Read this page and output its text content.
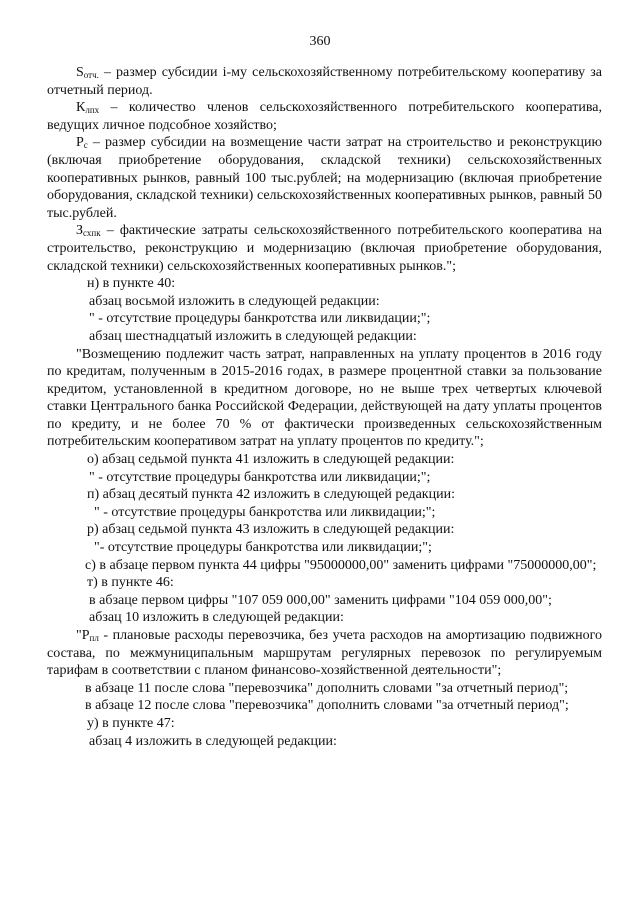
360

$S_{отч.}$ – размер субсидии i-му сельскохозяйственному потребительскому кооперативу за отчетный период.

$К_{лпх}$ – количество членов сельскохозяйственного потребительского кооператива, ведущих личное подсобное хозяйство;

$Р_с$ – размер субсидии на возмещение части затрат на строительство и реконструкцию (включая приобретение оборудования, складской техники) сельскохозяйственных кооперативных рынков, равный 100 тыс.рублей; на модернизацию (включая приобретение оборудования, складской техники) сельскохозяйственных кооперативных рынков, равный 50 тыс.рублей.

$З_{схпк}$ – фактические затраты сельскохозяйственного потребительского кооператива на строительство, реконструкцию и модернизацию (включая приобретение оборудования, складской техники) сельскохозяйственных кооперативных рынков.";

н) в пункте 40:

абзац восьмой изложить в следующей редакции:

" - отсутствие процедуры банкротства или ликвидации;";

абзац шестнадцатый изложить в следующей редакции:

"Возмещению подлежит часть затрат, направленных на уплату процентов в 2016 году по кредитам, полученным в 2015-2016 годах, в размере процентной ставки за пользование кредитом, установленной в кредитном договоре, но не выше трех четвертых ключевой ставки Центрального банка Российской Федерации, действующей на дату уплаты процентов по кредиту, и не более 70 % от фактически произведенных сельскохозяйственным потребительским кооперативом затрат на уплату процентов по кредиту.";

о) абзац седьмой пункта 41 изложить в следующей редакции:

" - отсутствие процедуры банкротства или ликвидации;";

п) абзац десятый пункта 42 изложить в следующей редакции:

" - отсутствие процедуры банкротства или ликвидации;";

р) абзац седьмой пункта 43 изложить в следующей редакции:

"- отсутствие процедуры банкротства или ликвидации;";

с) в абзаце первом пункта 44 цифры "95000000,00" заменить цифрами "75000000,00";

т) в пункте 46:

в абзаце первом цифры "107 059 000,00" заменить цифрами "104 059 000,00";

абзац 10 изложить в следующей редакции:

"$Р_{пл}$ - плановые расходы перевозчика, без учета расходов на амортизацию подвижного состава, по межмуниципальным маршрутам регулярных перевозок по регулируемым тарифам в соответствии с планом финансово-хозяйственной деятельности";

в абзаце 11 после слова "перевозчика" дополнить словами "за отчетный период";

в абзаце 12 после слова "перевозчика" дополнить словами "за отчетный период";

у) в пункте 47:

абзац 4 изложить в следующей редакции:
